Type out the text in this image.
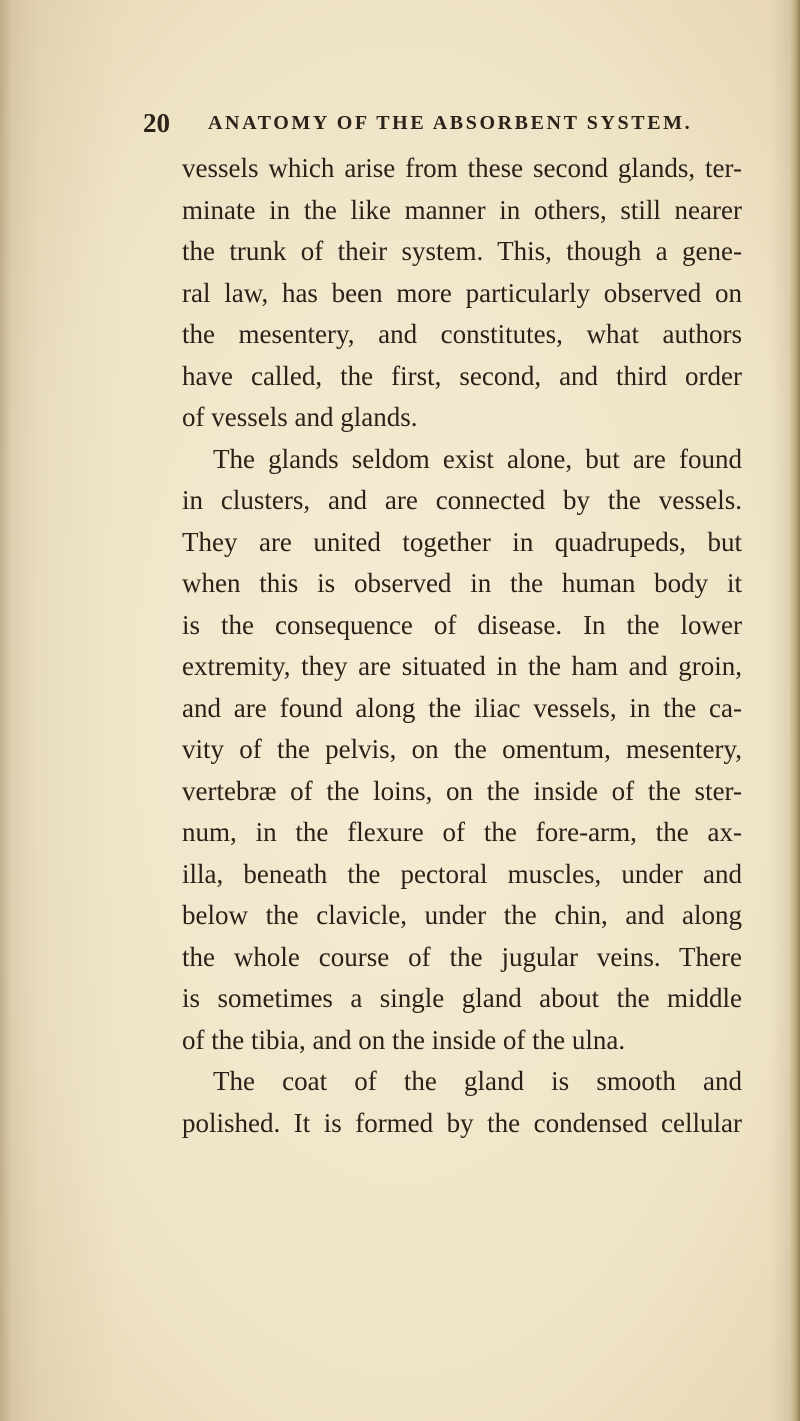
20 ANATOMY OF THE ABSORBENT SYSTEM.
vessels which arise from these second glands, ter-
minate in the like manner in others, still nearer
the trunk of their system. This, though a gene-
ral law, has been more particularly observed on
the mesentery, and constitutes, what authors
have called, the first, second, and third order
of vessels and glands.
The glands seldom exist alone, but are found
in clusters, and are connected by the vessels.
They are united together in quadrupeds, but
when this is observed in the human body it
is the consequence of disease. In the lower
extremity, they are situated in the ham and groin,
and are found along the iliac vessels, in the ca-
vity of the pelvis, on the omentum, mesentery,
vertebræ of the loins, on the inside of the ster-
num, in the flexure of the fore-arm, the ax-
illa, beneath the pectoral muscles, under and
below the clavicle, under the chin, and along
the whole course of the jugular veins. There
is sometimes a single gland about the middle
of the tibia, and on the inside of the ulna.
The coat of the gland is smooth and
polished. It is formed by the condensed cellular
